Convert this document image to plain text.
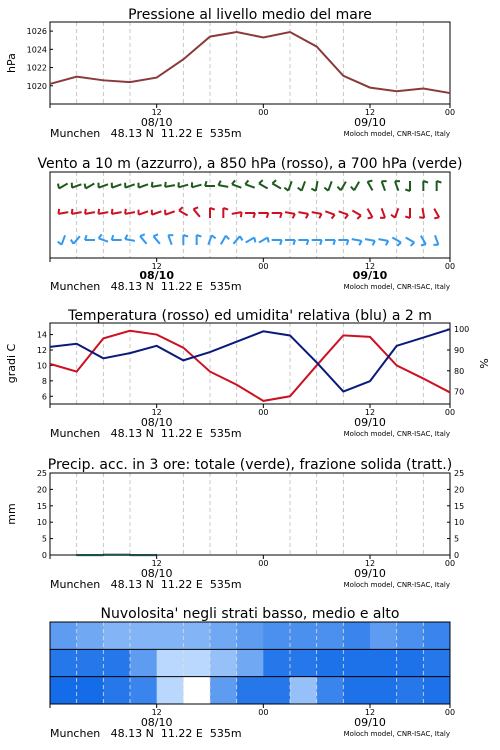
Pressione al livello medio del mare
1020
1022
1024
1026
hPa
12	00	12	00
08/10	09/10
Munchen   48.13 N  11.22 E  535m	Moloch model, CNR-ISAC, Italy
Vento a 10 m (azzurro), a 850 hPa (rosso), a 700 hPa (verde)
12	00	12	00
08/10	09/10
Munchen   48.13 N  11.22 E  535m	Moloch model, CNR-ISAC, Italy
Temperatura (rosso) ed umidita' relativa (blu) a 2 m
6
8
10
12
14
70
80
90
100
gradi C	%
12	00	12	00
08/10	09/10
Munchen   48.13 N  11.22 E  535m	Moloch model, CNR-ISAC, Italy
Precip. acc. in 3 ore: totale (verde), frazione solida (tratt.)
0	0
5	5
10	10
15	15
20	20
25	25
mm
12	00	12	00
08/10	09/10
Munchen   48.13 N  11.22 E  535m	Moloch model, CNR-ISAC, Italy
Nuvolosita' negli strati basso, medio e alto
12	00	12	00
08/10	09/10
Munchen   48.13 N  11.22 E  535m	Moloch model, CNR-ISAC, Italy
